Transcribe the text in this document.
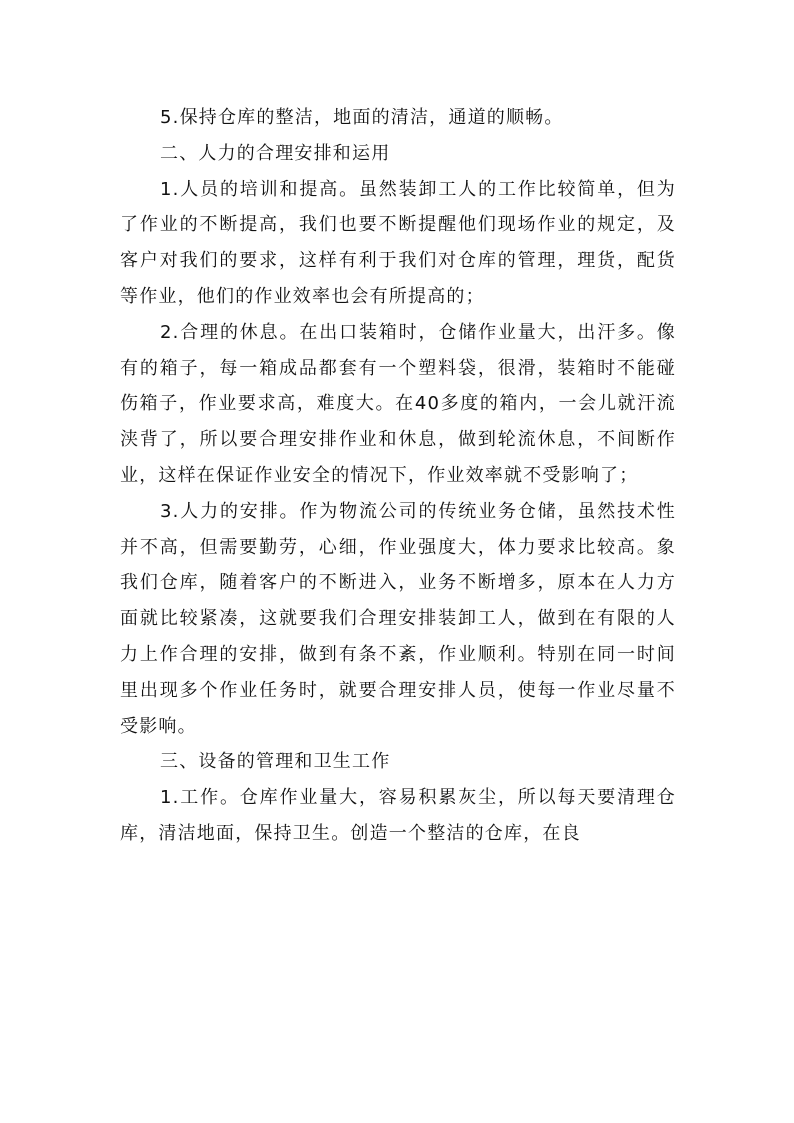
5.保持仓库的整洁，地面的清洁，通道的顺畅。

二、人力的合理安排和运用

1.人员的培训和提高。虽然装卸工人的工作比较简单，但为了作业的不断提高，我们也要不断提醒他们现场作业的规定，及客户对我们的要求，这样有利于我们对仓库的管理，理货，配货等作业，他们的作业效率也会有所提高的；

2.合理的休息。在出口装箱时，仓储作业量大，出汗多。像有的箱子，每一箱成品都套有一个塑料袋，很滑，装箱时不能碰伤箱子，作业要求高，难度大。在40多度的箱内，一会儿就汗流浃背了，所以要合理安排作业和休息，做到轮流休息，不间断作业，这样在保证作业安全的情况下，作业效率就不受影响了；

3.人力的安排。作为物流公司的传统业务仓储，虽然技术性并不高，但需要勤劳，心细，作业强度大，体力要求比较高。象我们仓库，随着客户的不断进入，业务不断增多，原本在人力方面就比较紧凑，这就要我们合理安排装卸工人，做到在有限的人力上作合理的安排，做到有条不紊，作业顺利。特别在同一时间里出现多个作业任务时，就要合理安排人员，使每一作业尽量不受影响。

三、设备的管理和卫生工作

1.工作。仓库作业量大，容易积累灰尘，所以每天要清理仓库，清洁地面，保持卫生。创造一个整洁的仓库，在良
